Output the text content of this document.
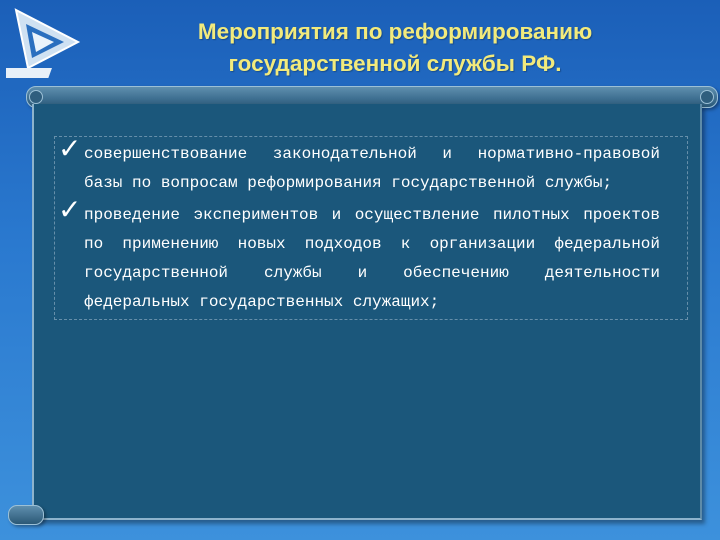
Мероприятия по реформированию
государственной службы РФ.
✓ совершенствование законодательной и нормативно-правовой базы по вопросам реформирования государственной службы;
✓ проведение экспериментов и осуществление пилотных проектов по применению новых подходов к организации федеральной государственной службы и обеспечению деятельности федеральных государственных служащих;
